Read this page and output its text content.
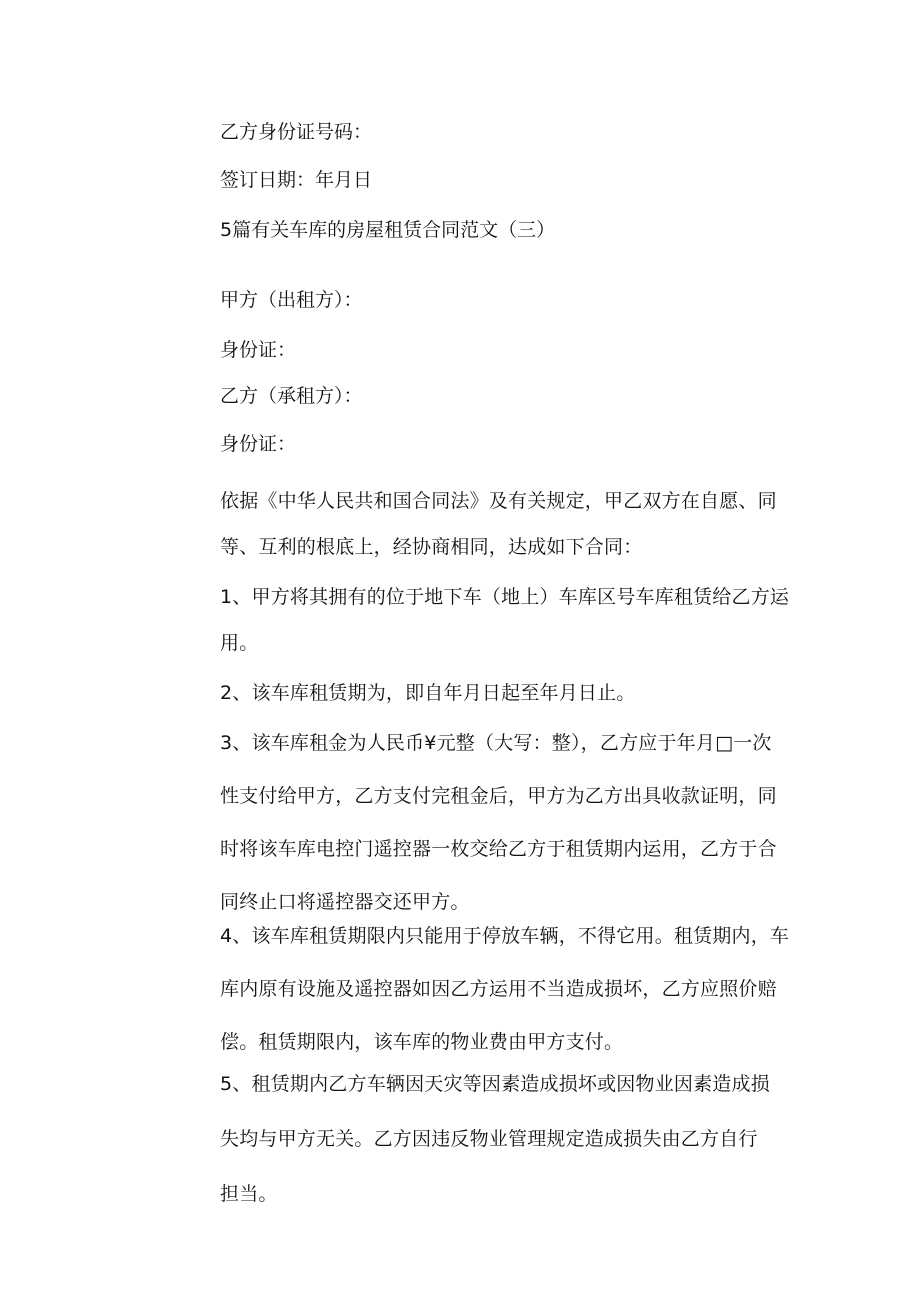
乙方身份证号码：
签订日期：年月日
5篇有关车库的房屋租赁合同范文（三）
甲方（出租方）：
身份证：
乙方（承租方）：
身份证：

依据《中华人民共和国合同法》及有关规定，甲乙双方在自愿、同等、互利的根底上，经协商相同，达成如下合同：

1、甲方将其拥有的位于地下车（地上）车库区号车库租赁给乙方运用。

2、该车库租赁期为，即自年月日起至年月日止。

3、该车库租金为人民币¥元整（大写：整），乙方应于年月□一次性支付给甲方，乙方支付完租金后，甲方为乙方出具收款证明，同时将该车库电控门遥控器一枚交给乙方于租赁期内运用，乙方于合同终止口将遥控器交还甲方。

4、该车库租赁期限内只能用于停放车辆，不得它用。租赁期内，车库内原有设施及遥控器如因乙方运用不当造成损坏，乙方应照价赔偿。租赁期限内，该车库的物业费由甲方支付。

5、租赁期内乙方车辆因天灾等因素造成损坏或因物业因素造成损失均与甲方无关。乙方因违反物业管理规定造成损失由乙方自行担当。
